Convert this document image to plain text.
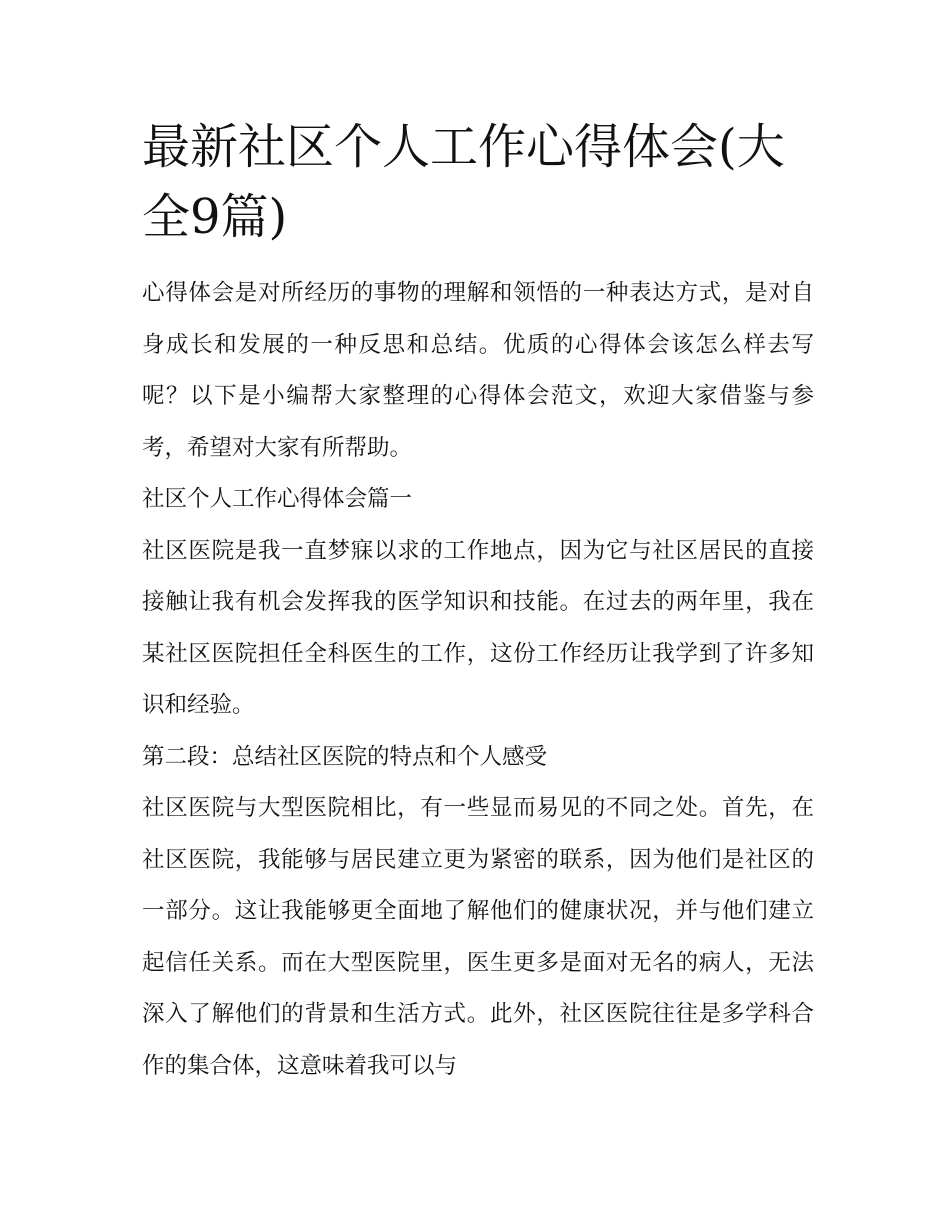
最新社区个人工作心得体会(大全9篇)

心得体会是对所经历的事物的理解和领悟的一种表达方式，是对自身成长和发展的一种反思和总结。优质的心得体会该怎么样去写呢？以下是小编帮大家整理的心得体会范文，欢迎大家借鉴与参考，希望对大家有所帮助。

社区个人工作心得体会篇一

社区医院是我一直梦寐以求的工作地点，因为它与社区居民的直接接触让我有机会发挥我的医学知识和技能。在过去的两年里，我在某社区医院担任全科医生的工作，这份工作经历让我学到了许多知识和经验。

第二段：总结社区医院的特点和个人感受

社区医院与大型医院相比，有一些显而易见的不同之处。首先，在社区医院，我能够与居民建立更为紧密的联系，因为他们是社区的一部分。这让我能够更全面地了解他们的健康状况，并与他们建立起信任关系。而在大型医院里，医生更多是面对无名的病人，无法深入了解他们的背景和生活方式。此外，社区医院往往是多学科合作的集合体，这意味着我可以与
